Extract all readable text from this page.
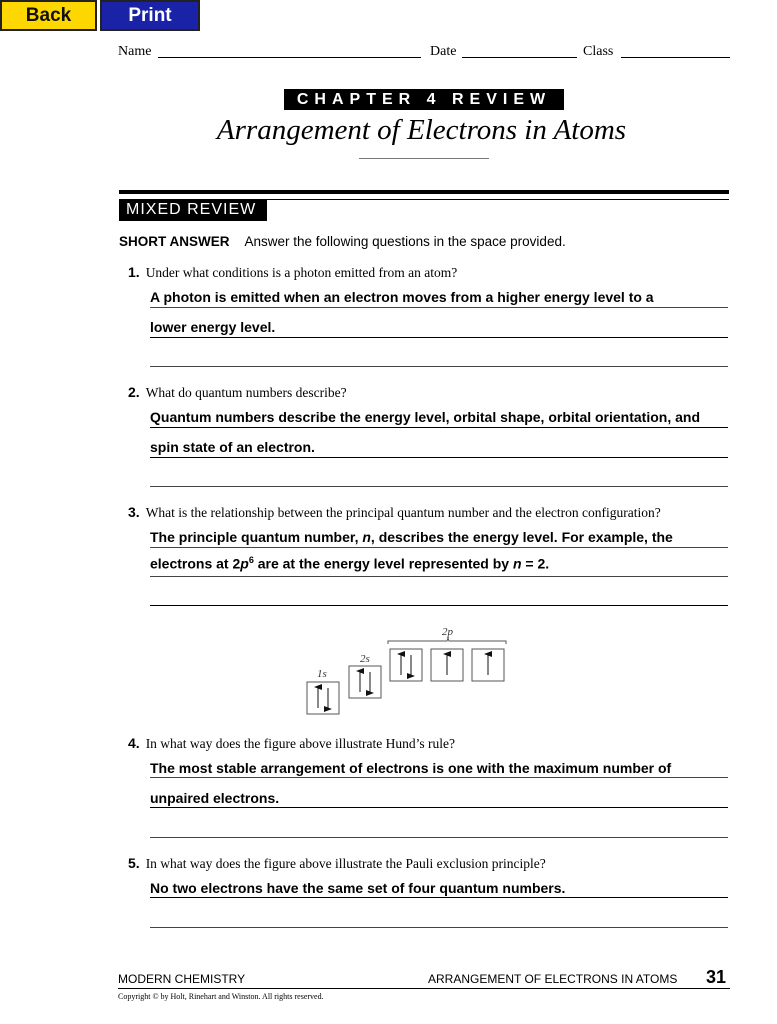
Back	Print
Name	Date	Class
CHAPTER 4 REVIEW
Arrangement of Electrons in Atoms
MIXED REVIEW
SHORT ANSWER Answer the following questions in the space provided.
1. Under what conditions is a photon emitted from an atom?
A photon is emitted when an electron moves from a higher energy level to a
lower energy level.
2. What do quantum numbers describe?
Quantum numbers describe the energy level, orbital shape, orbital orientation, and
spin state of an electron.
3. What is the relationship between the principal quantum number and the electron configuration?
The principle quantum number, n, describes the energy level. For example, the
electrons at $2p^6$ are at the energy level represented by n = 2.
1s
2s
2p
4. In what way does the figure above illustrate Hund’s rule?
The most stable arrangement of electrons is one with the maximum number of
unpaired electrons.
5. In what way does the figure above illustrate the Pauli exclusion principle?
No two electrons have the same set of four quantum numbers.
MODERN CHEMISTRY	ARRANGEMENT OF ELECTRONS IN ATOMS 31
Copyright © by Holt, Rinehart and Winston. All rights reserved.
